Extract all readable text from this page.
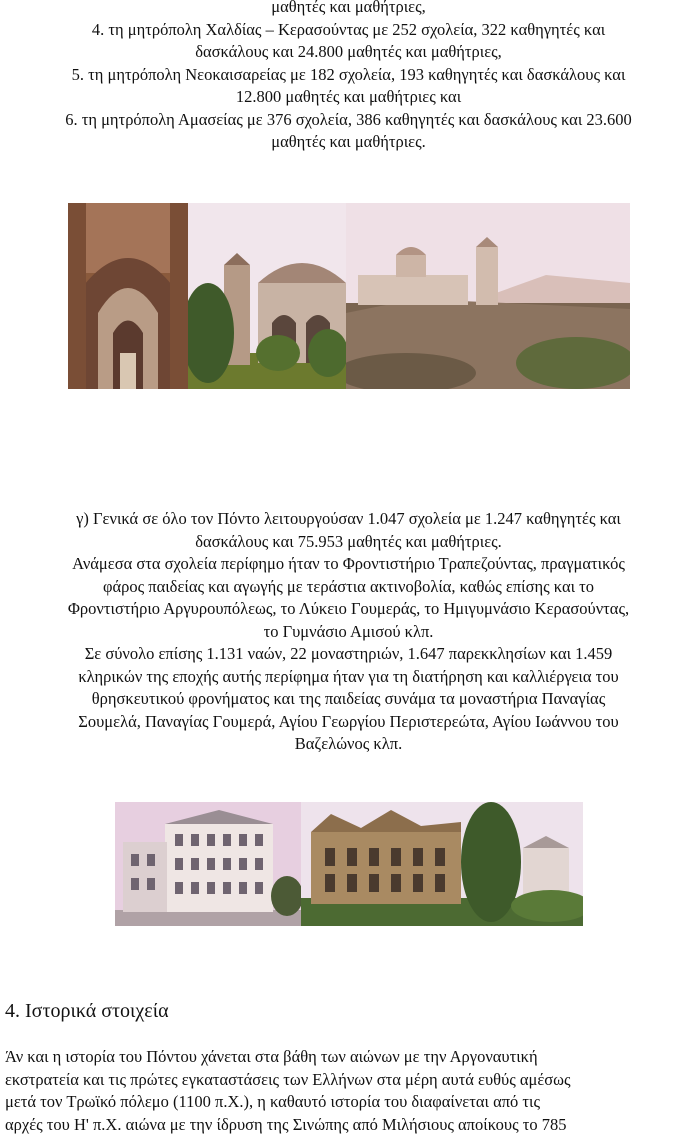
μαθητές και μαθήτριες,

4. τη μητρόπολη Χαλδίας – Κερασούντας με 252 σχολεία, 322 καθηγητές και

δασκάλους και 24.800 μαθητές και μαθήτριες,

5. τη μητρόπολη Νεοκαισαρείας με 182 σχολεία, 193 καθηγητές και δασκάλους και

12.800 μαθητές και μαθήτριες και

6. τη μητρόπολη Αμασείας με 376 σχολεία, 386 καθηγητές και δασκάλους και 23.600

μαθητές και μαθήτριες.

γ) Γενικά σε όλο τον Πόντο λειτουργούσαν 1.047 σχολεία με 1.247 καθηγητές και

δασκάλους και 75.953 μαθητές και μαθήτριες.

Ανάμεσα στα σχολεία περίφημο ήταν το Φροντιστήριο Τραπεζούντας, πραγματικός

φάρος παιδείας και αγωγής με τεράστια ακτινοβολία, καθώς επίσης και το

Φροντιστήριο Αργυρουπόλεως, το Λύκειο Γουμεράς, το Ημιγυμνάσιο Κερασούντας,

το Γυμνάσιο Αμισού κλπ.

Σε σύνολο επίσης 1.131 ναών, 22 μοναστηριών, 1.647 παρεκκλησίων και 1.459

κληρικών της εποχής αυτής περίφημα ήταν για τη διατήρηση και καλλιέργεια του

θρησκευτικού φρονήματος και της παιδείας συνάμα τα μοναστήρια Παναγίας

Σουμελά, Παναγίας Γουμερά, Αγίου Γεωργίου Περιστερεώτα, Αγίου Ιωάννου του

Βαζελώνος κλπ.

4. Ιστορικά στοιχεία

Άν και η ιστορία του Πόντου χάνεται στα βάθη των αιώνων με την Αργοναυτική
εκστρατεία και τις πρώτες εγκαταστάσεις των Ελλήνων στα μέρη αυτά ευθύς αμέσως
μετά τον Τρωϊκό πόλεμο (1100 π.Χ.), η καθαυτό ιστορία του διαφαίνεται από τις
αρχές του Η' π.Χ. αιώνα με την ίδρυση της Σινώπης από Μιλήσιους αποίκους το 785
